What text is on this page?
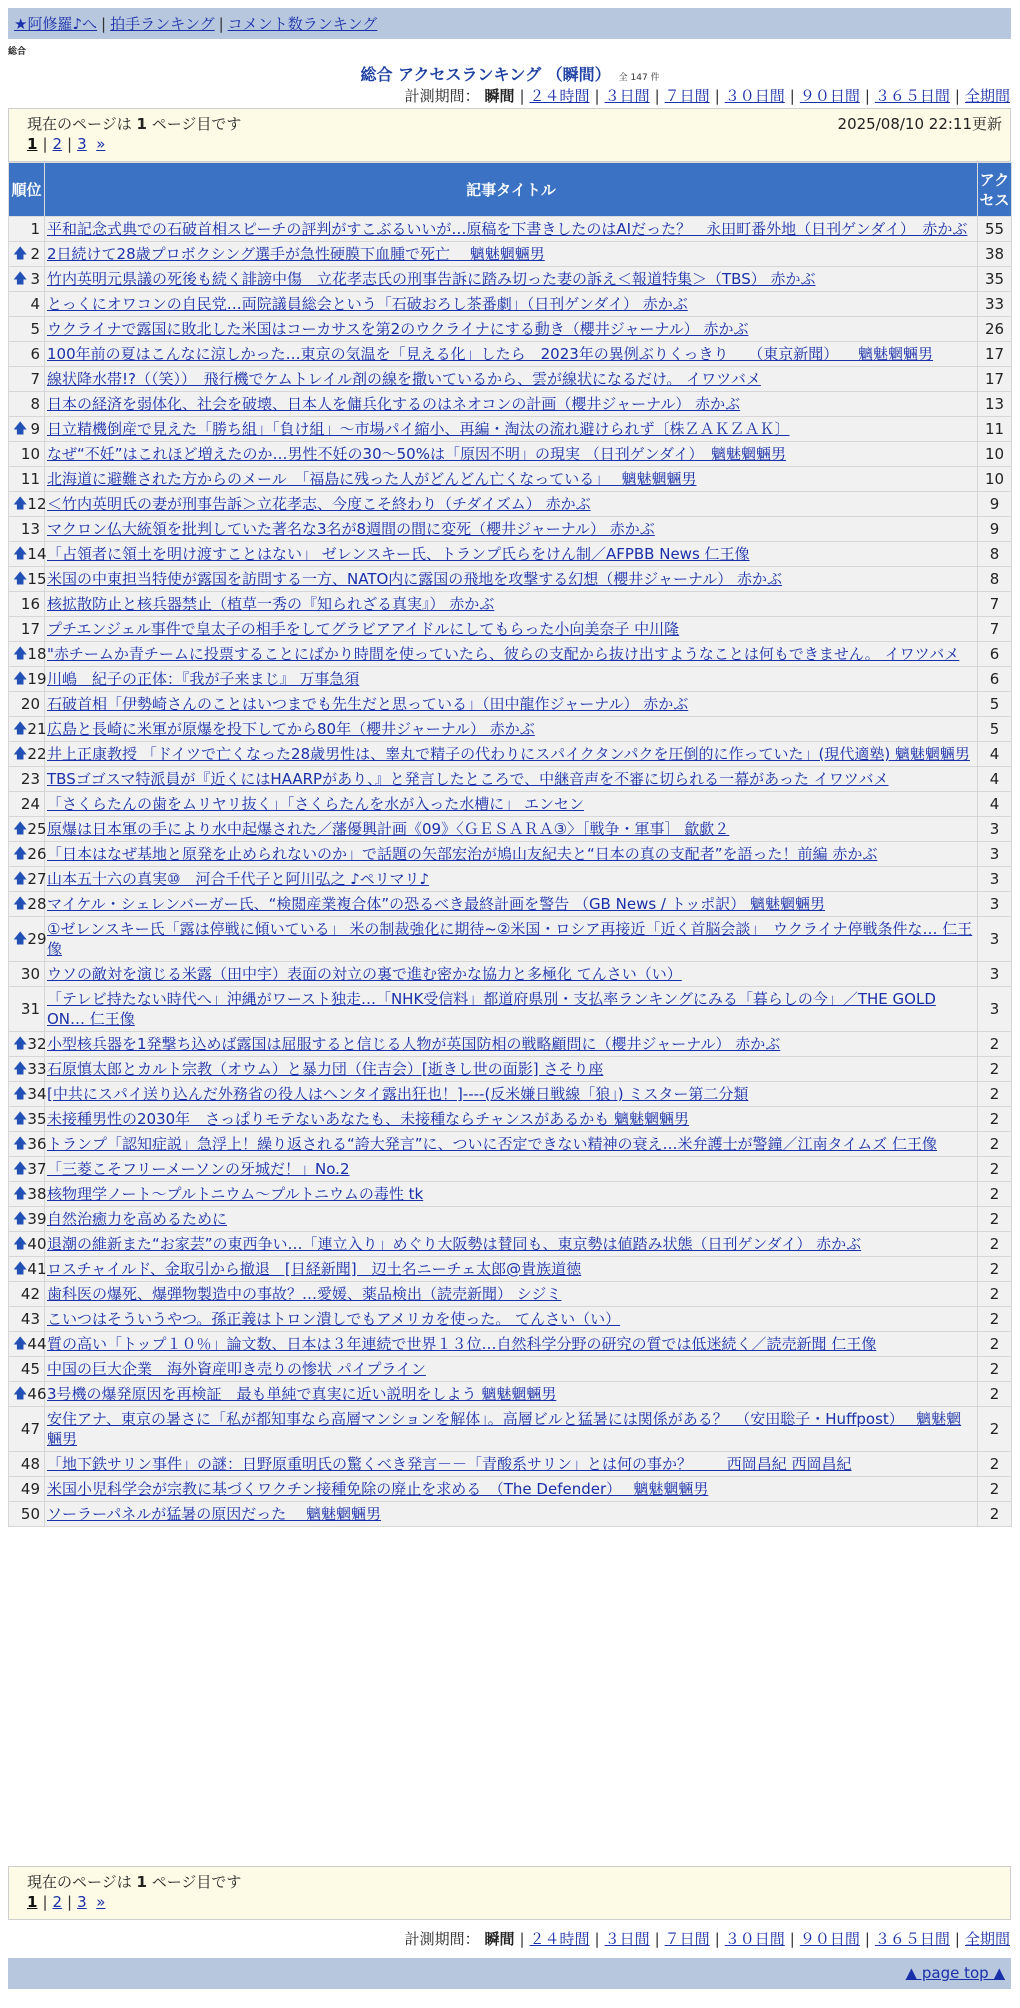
★阿修羅♪へ | 拍手ランキング | コメント数ランキング
総合
総合 アクセスランキング （瞬間） 全 147 件
計測期間： 瞬間 | ２４時間 | ３日間 | ７日間 | ３０日間 | ９０日間 | ３６５日間 | 全期間
現在のページは 1 ページ目です	2025/08/10 22:11更新
1 | 2 | 3 »
順位	記事タイトル	アクセス
1	平和記念式典での石破首相スピーチの評判がすこぶるいいが…原稿を下書きしたのはAIだった？　永田町番外地（日刊ゲンダイ）　赤かぶ	55

🡅 2	2日続けて28歳プロボクシング選手が急性硬膜下血腫で死亡　 魑魅魍魎男	38

🡅 3	竹内英明元県議の死後も続く誹謗中傷　立花孝志氏の刑事告訴に踏み切った妻の訴え＜報道特集＞（TBS） 赤かぶ	35
4	とっくにオワコンの自民党…両院議員総会という「石破おろし茶番劇」（日刊ゲンダイ） 赤かぶ	33
5	ウクライナで露国に敗北した米国はコーカサスを第2のウクライナにする動き（櫻井ジャーナル） 赤かぶ	26
6	100年前の夏はこんなに涼しかった…東京の気温を「見える化」したら　2023年の異例ぶりくっきり　 （東京新聞） 　魑魅魍魎男	17
7	線状降水帯!?（（笑））　飛行機でケムトレイル剤の線を撒いているから、雲が線状になるだけ。 イワツバメ	17
8	日本の経済を弱体化、社会を破壊、日本人を傭兵化するのはネオコンの計画（櫻井ジャーナル） 赤かぶ	13

🡅 9	日立精機倒産で見えた「勝ち組」「負け組」～市場パイ縮小、再編・淘汰の流れ避けられず〔株ＺＡＫＺＡＫ〕	11
10	なぜ“不妊”はこれほど増えたのか…男性不妊の30～50%は「原因不明」の現実 （日刊ゲンダイ）　魑魅魍魎男	10
11	北海道に避難された方からのメール　「福島に残った人がどんどん亡くなっている」　 魑魅魍魎男	10

🡅 12	＜竹内英明氏の妻が刑事告訴＞立花孝志、今度こそ終わり（チダイズム） 赤かぶ	9
13	マクロン仏大統領を批判していた著名な3名が8週間の間に変死（櫻井ジャーナル） 赤かぶ	9

🡅 14	「占領者に領土を明け渡すことはない」 ゼレンスキー氏、トランプ氏らをけん制／AFPBB News 仁王像	8

🡅 15	米国の中東担当特使が露国を訪問する一方、NATO内に露国の飛地を攻撃する幻想（櫻井ジャーナル） 赤かぶ	8
16	核拡散防止と核兵器禁止（植草一秀の『知られざる真実』） 赤かぶ	7
17	プチエンジェル事件で皇太子の相手をしてグラビアアイドルにしてもらった小向美奈子 中川隆	7

🡅 18	"赤チームか青チームに投票することにばかり時間を使っていたら、彼らの支配から抜け出すようなことは何もできません。 イワツバメ	6

🡅 19	川嶋　紀子の正体：『我が子来まじ』 万事急須	6
20	石破首相「伊勢崎さんのことはいつまでも先生だと思っている」（田中龍作ジャーナル） 赤かぶ	5

🡅 21	広島と長崎に米軍が原爆を投下してから80年（櫻井ジャーナル） 赤かぶ	5

🡅 22	井上正康教授 「ドイツで亡くなった28歳男性は、睾丸で精子の代わりにスパイクタンパクを圧倒的に作っていた」(現代適塾) 魑魅魍魎男	4
23	TBSゴゴスマ特派員が『近くにはHAARPがあり、』と発言したところで、中継音声を不審に切られる一幕があった イワツバメ	4
24	「さくらたんの歯をムリヤリ抜く」「さくらたんを水が入った水槽に」 エンセン	4

🡅 25	原爆は日本軍の手により水中起爆された／藩優興計画《09》〈ＧＥＳＡＲＡ③〉［戦争・軍事］ 歙歔２	3

🡅 26	「日本はなぜ基地と原発を止められないのか」で話題の矢部宏治が鳩山友紀夫と“日本の真の支配者”を語った！前編 赤かぶ	3

🡅 27	山本五十六の真実⑩　河合千代子と阿川弘之 ♪ペリマリ♪	3

🡅 28	マイケル・シェレンバーガー氏、“検閲産業複合体”の恐るべき最終計画を警告 （GB News / トッポ訳） 魑魅魍魎男	3

🡅 29	①ゼレンスキー氏「露は停戦に傾いている」 米の制裁強化に期待~②米国・ロシア再接近「近く首脳会談」　ウクライナ停戦条件な… 仁王像	3
30	ウソの敵対を演じる米露（田中宇）表面の対立の裏で進む密かな協力と多極化 てんさい（い）	3
31	「テレビ持たない時代へ」沖縄がワースト独走…「NHK受信料」都道府県別・支払率ランキングにみる「暮らしの今」／THE GOLD ON… 仁王像	3

🡅 32	小型核兵器を1発撃ち込めば露国は屈服すると信じる人物が英国防相の戦略顧問に（櫻井ジャーナル） 赤かぶ	2

🡅 33	石原慎太郎とカルト宗教（オウム）と暴力団（住吉会）[逝きし世の面影] さそり座	2

🡅 34	[中共にスパイ送り込んだ外務省の役人はヘンタイ露出狂也！]----(反米嫌日戦線「狼」) ミスター第二分類	2

🡅 35	未接種男性の2030年　さっぱりモテないあなたも、未接種ならチャンスがあるかも 魑魅魍魎男	2

🡅 36	トランプ「認知症説」急浮上！繰り返される“誇大発言”に、ついに否定できない精神の衰え…米弁護士が警鐘／江南タイムズ 仁王像	2

🡅 37	「三菱こそフリーメーソンの牙城だ！」No.2	2

🡅 38	核物理学ノート～プルトニウム～プルトニウムの毒性 tk	2

🡅 39	自然治癒力を高めるために	2

🡅 40	退潮の維新また“お家芸”の東西争い…「連立入り」めぐり大阪勢は賛同も、東京勢は値踏み状態（日刊ゲンダイ） 赤かぶ	2

🡅 41	ロスチャイルド、金取引から撤退　[日経新聞]　辺土名ニーチェ太郎@貴族道徳	2
42	歯科医の爆死、爆弾物製造中の事故？…愛媛、薬品検出（読売新聞） シジミ	2
43	こいつはそういうやつ。孫正義はトロン潰しでもアメリカを使った。 てんさい（い）	2

🡅 44	質の高い「トップ１０％」論文数、日本は３年連続で世界１３位…自然科学分野の研究の質では低迷続く／読売新聞 仁王像	2
45	中国の巨大企業　海外資産叩き売りの惨状 パイプライン	2

🡅 46	3号機の爆発原因を再検証　最も単純で真実に近い説明をしよう 魑魅魍魎男	2
47	安住アナ、東京の暑さに「私が都知事なら高層マンションを解体」。高層ビルと猛暑には関係がある？　（安田聡子・Huffpost）　 魑魅魍魎男	2
48	「地下鉄サリン事件」の謎：日野原重明氏の驚くべき発言－－「青酸系サリン」とは何の事か？　　 西岡昌紀 西岡昌紀	2
49	米国小児科学会が宗教に基づくワクチン接種免除の廃止を求める　（The Defender）　 魑魅魍魎男	2
50	ソーラーパネルが猛暑の原因だった　 魑魅魍魎男	2
現在のページは 1 ページ目です
1 | 2 | 3 »
計測期間： 瞬間 | ２４時間 | ３日間 | ７日間 | ３０日間 | ９０日間 | ３６５日間 | 全期間
▲ page top ▲
